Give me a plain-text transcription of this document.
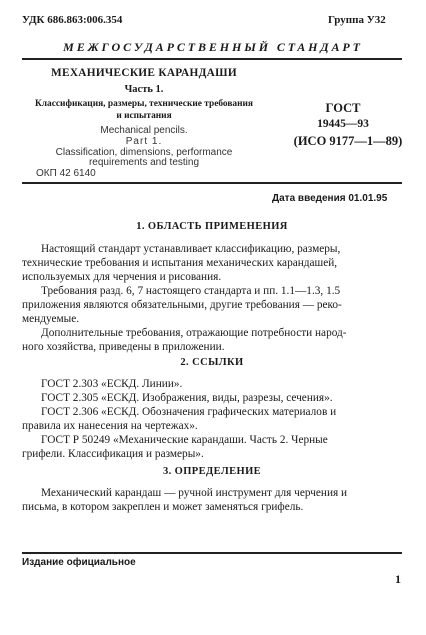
УДК 686.863:006.354	Группа У32
МЕЖГОСУДАРСТВЕННЫЙ СТАНДАРТ
МЕХАНИЧЕСКИЕ КАРАНДАШИ
Часть 1.
Классификация, размеры, технические требования
и испытания
Mechanical pencils.
Part 1.
Classification, dimensions, performance
requirements and testing
ОКП 42 6140
ГОСТ
19445—93
(ИСО 9177—1—89)
Дата введения 01.01.95
1. ОБЛАСТЬ ПРИМЕНЕНИЯ
Настоящий стандарт устанавливает классификацию, размеры,
технические требования и испытания механических карандашей,
используемых для черчения и рисования.
Требования разд. 6, 7 настоящего стандарта и пп. 1.1—1.3, 1.5
приложения являются обязательными, другие требования — реко-
мендуемые.
Дополнительные требования, отражающие потребности народ-
ного хозяйства, приведены в приложении.
2. ССЫЛКИ
ГОСТ 2.303 «ЕСКД. Линии».
ГОСТ 2.305 «ЕСКД. Изображения, виды, разрезы, сечения».
ГОСТ 2.306 «ЕСКД. Обозначения графических материалов и
правила их нанесения на чертежах».
ГОСТ Р 50249 «Механические карандаши. Часть 2. Черные
грифели. Классификация и размеры».
3. ОПРЕДЕЛЕНИЕ
Механический карандаш — ручной инструмент для черчения и
письма, в котором закреплен и может заменяться грифель.
Издание официальное
1
